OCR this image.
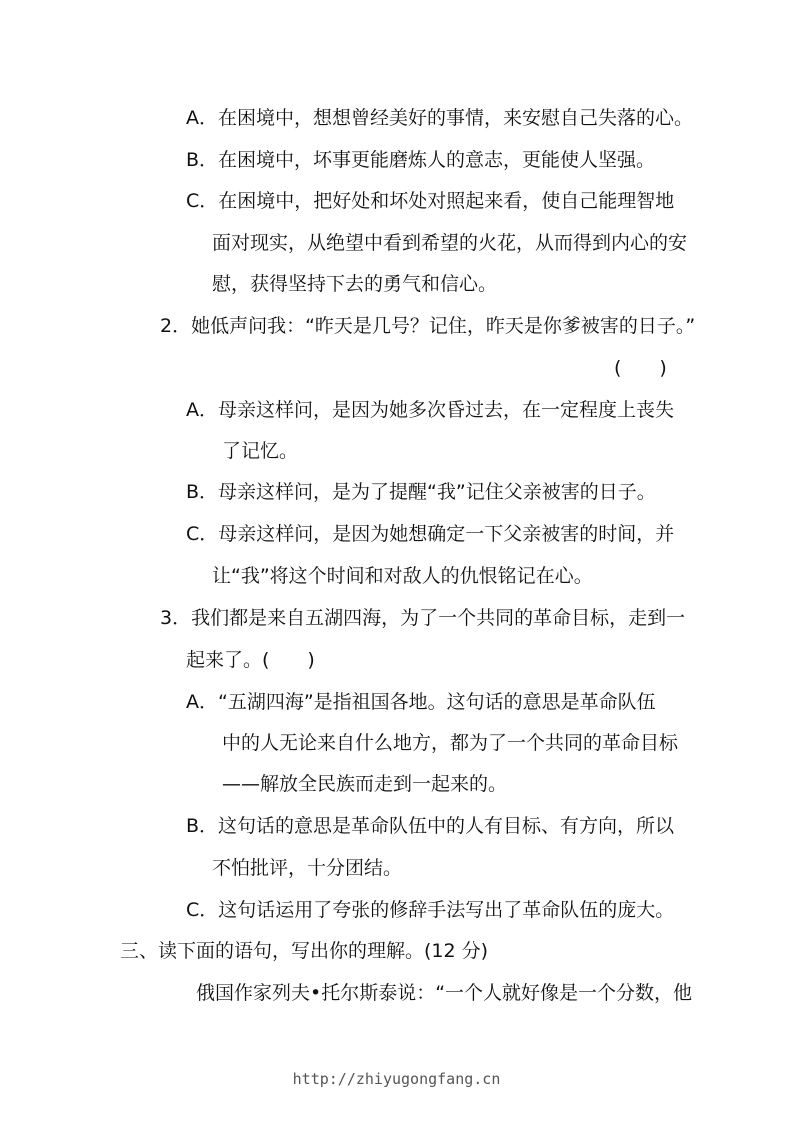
A．在困境中，想想曾经美好的事情，来安慰自己失落的心。

B．在困境中，坏事更能磨炼人的意志，更能使人坚强。

C．在困境中，把好处和坏处对照起来看，使自己能理智地

面对现实，从绝望中看到希望的火花，从而得到内心的安

慰，获得坚持下去的勇气和信心。

2．她低声问我：“昨天是几号？记住，昨天是你爹被害的日子。”

(　　)

A．母亲这样问，是因为她多次昏过去，在一定程度上丧失

了记忆。

B．母亲这样问，是为了提醒“我”记住父亲被害的日子。

C．母亲这样问，是因为她想确定一下父亲被害的时间，并

让“我”将这个时间和对敌人的仇恨铭记在心。

3．我们都是来自五湖四海，为了一个共同的革命目标，走到一

起来了。(　　)

A．“五湖四海”是指祖国各地。这句话的意思是革命队伍

中的人无论来自什么地方，都为了一个共同的革命目标

——解放全民族而走到一起来的。

B．这句话的意思是革命队伍中的人有目标、有方向，所以

不怕批评，十分团结。

C．这句话运用了夸张的修辞手法写出了革命队伍的庞大。

三、读下面的语句，写出你的理解。(12 分)

俄国作家列夫•托尔斯泰说：“一个人就好像是一个分数，他

http://zhiyugongfang.cn
